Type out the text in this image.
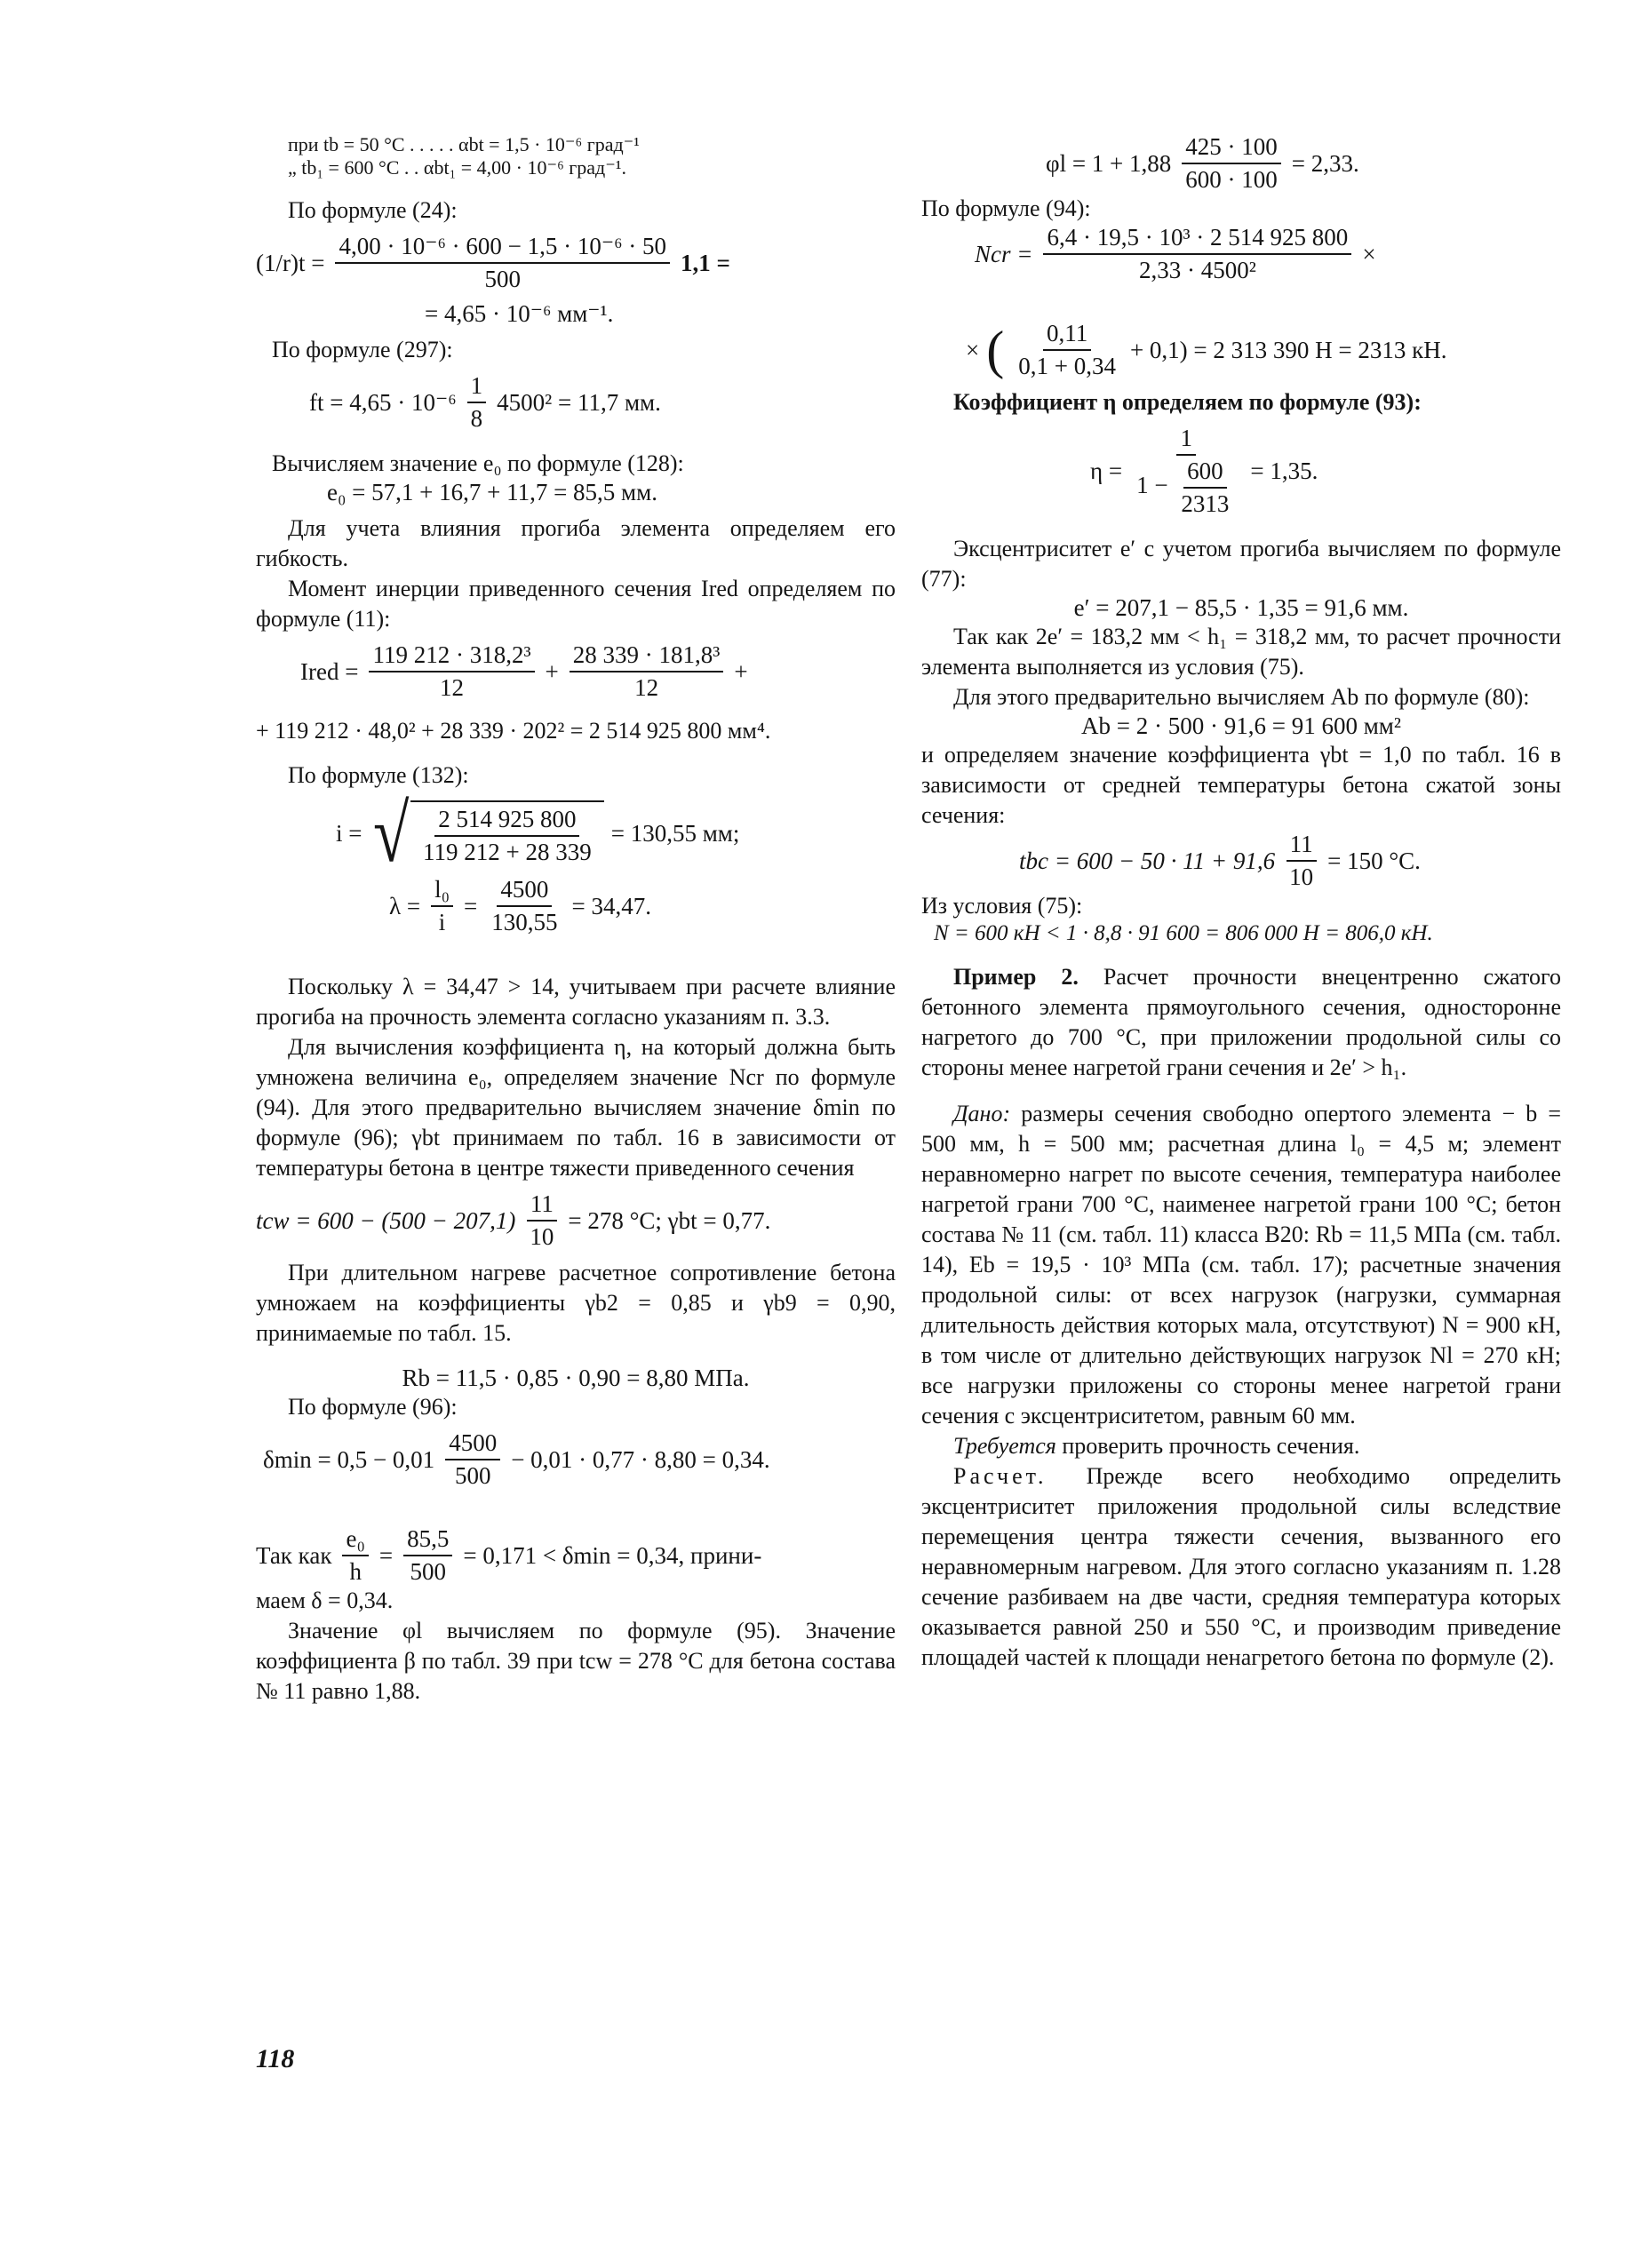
при tb = 50 °C . . . . . αbt = 1,5 · 10⁻⁶ град⁻¹
„ tb₁ = 600 °C . . αbt₁ = 4,00 · 10⁻⁶ град⁻¹.
По формуле (24):
$(1/r)t = \frac{\text{4,00 · 10⁻⁶ · 600 − 1,5 · 10⁻⁶ · 50}}{500} 1,1$ =
= 4,65 · 10⁻⁶ мм⁻¹.
По формуле (297):
ft = $4,65 \cdot 10^{-6} \frac{1}{8} 4500^2 = 11,7$ мм.
Вычисляем значение e₀ по формуле (128):
e₀ = 57,1 + 16,7 + 11,7 = 85,5 мм.
Для учета влияния прогиба элемента определяем его гибкость.
Момент инерции приведенного сечения Ired определяем по формуле (11):
Ired = $\frac{\text{119 212 · 318,2³}}{12} + \frac{\text{28 339 · 181,8³}}{12}$ +
+ 119 212 · 48,0² + 28 339 · 202² = 2 514 925 800 мм⁴.
По формуле (132):
i = √ $\frac{2 514 925 800}{119 212 + 28 339} = 130,55$ мм;
$\lambda = \frac{\text{l₀}}{i} = \frac{4500}{130,55} = 34,47$.
Поскольку λ = 34,47 > 14, учитываем при расчете влияние прогиба на прочность элемента согласно указаниям п. 3.3.
Для вычисления коэффициента η, на который должна быть умножена величина e₀, определяем значение Ncr по формуле (94). Для этого предварительно вычисляем значение δmin по формуле (96); γbt принимаем по табл. 16 в зависимости от температуры бетона в центре тяжести приведенного сечения
tcw = $600 - (500 - 207,1) \frac{11}{10} = 278$ °C; γbt = 0,77.
При длительном нагреве расчетное сопротивление бетона умножаем на коэффициенты γb2 = 0,85 и γb9 = 0,90, принимаемые по табл. 15.
Rb = 11,5 · 0,85 · 0,90 = 8,80 МПа.
По формуле (96):
$\delta\min = 0,5 - 0,01 \frac{4500}{500} - 0,01 \cdot 0,77 \cdot 8,80 = 0,34$.
Так как $\frac{\text{e₀}}{h} = \frac{85,5}{500} = 0,171 < \delta\min = 0,34$, прини-
маем δ = 0,34.
Значение φl вычисляем по формуле (95). Значение коэффициента β по табл. 39 при tcw = 278 °C для бетона состава № 11 равно 1,88.
$\varphi l = 1 + 1,88 \frac{425 \cdot 100}{600 \cdot 100} = 2,33$.
По формуле (94):
Ncr = $\frac{\text{6,4 · 19,5 · 10³ · 2 514 925 800}}{\text{2,33 · 4500²}}$ ×
× ( $\frac{0,11}{0,1 + 0,34} + 0,1) = 2$ 313 390 Н = 2313 кН.
Коэффициент η определяем по формуле (93):
$\eta = \frac{1}{1 - \frac{600}{2313}} = 1,35$.
Эксцентриситет e′ с учетом прогиба вычисляем по формуле (77):
e′ = 207,1 − 85,5 · 1,35 = 91,6 мм.
Так как 2e′ = 183,2 мм < h₁ = 318,2 мм, то расчет прочности элемента выполняется из условия (75).
Для этого предварительно вычисляем Ab по формуле (80):
Ab = 2 · 500 · 91,6 = 91 600 мм²
и определяем значение коэффициента γbt = 1,0 по табл. 16 в зависимости от средней температуры бетона сжатой зоны сечения:
tbc = $600 - 50 \cdot 11 + 91,6 \frac{11}{10} = 150$ °C.
Из условия (75):
N = 600 кН < 1 · 8,8 · 91 600 = 806 000 Н = 806,0 кН.
Пример 2. Расчет прочности внецентренно сжатого бетонного элемента прямоугольного сечения, односторонне нагретого до 700 °С, при приложении продольной силы со стороны менее нагретой грани сечения и 2e′ > h₁.
Дано: размеры сечения свободно опертого элемента − b = 500 мм, h = 500 мм; расчетная длина l₀ = 4,5 м; элемент неравномерно нагрет по высоте сечения, температура наиболее нагретой грани 700 °С, наименее нагретой грани 100 °С; бетон состава № 11 (см. табл. 11) класса В20: Rb = 11,5 МПа (см. табл. 14), Eb = 19,5 · 10³ МПа (см. табл. 17); расчетные значения продольной силы: от всех нагрузок (нагрузки, суммарная длительность действия которых мала, отсутствуют) N = 900 кН, в том числе от длительно действующих нагрузок Nl = 270 кН; все нагрузки приложены со стороны менее нагретой грани сечения с эксцентриситетом, равным 60 мм.
Требуется проверить прочность сечения.
Расчет. Прежде всего необходимо определить эксцентриситет приложения продольной силы вследствие перемещения центра тяжести сечения, вызванного его неравномерным нагревом. Для этого согласно указаниям п. 1.28 сечение разбиваем на две части, средняя температура которых оказывается равной 250 и 550 °С, и производим приведение площадей частей к площади ненагретого бетона по формуле (2).
118
